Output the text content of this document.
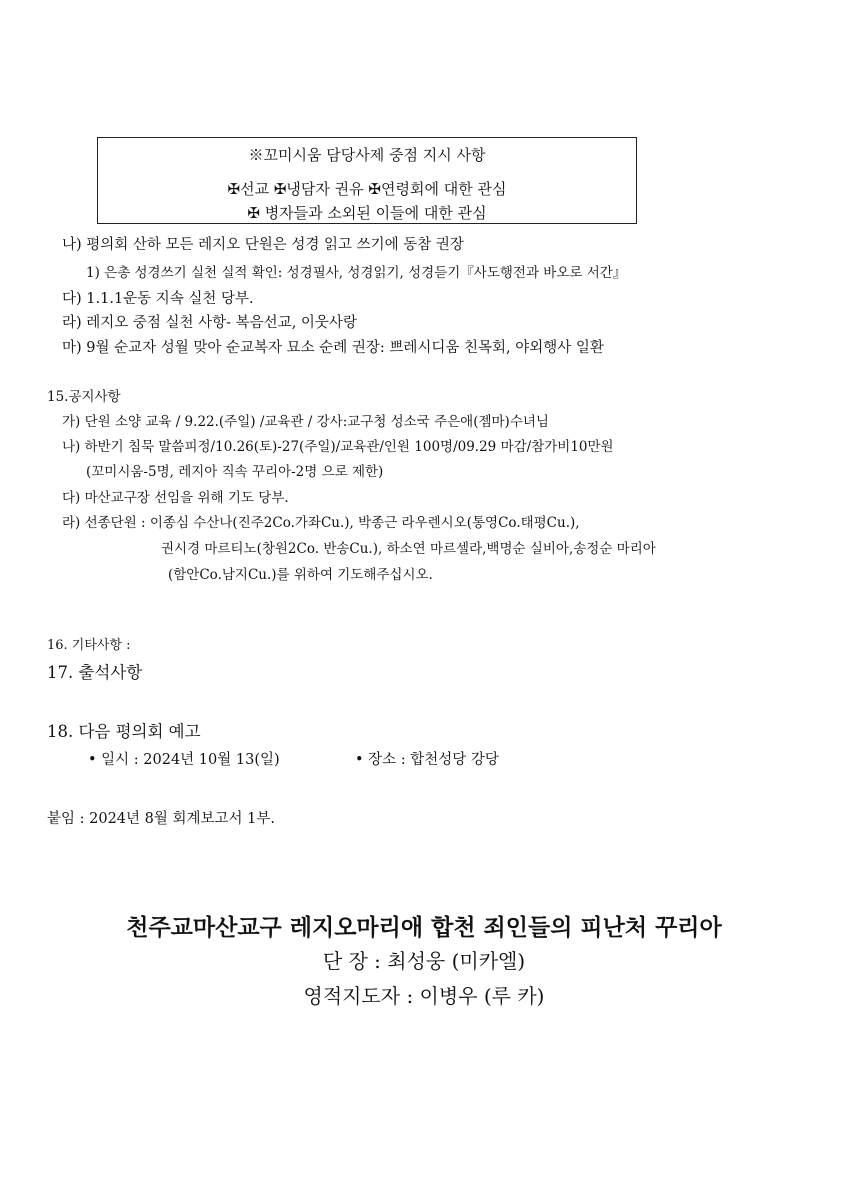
※꼬미시움 담당사제 중점 지시 사항
✠선교 ✠냉담자 권유 ✠연령회에 대한 관심
✠ 병자들과 소외된 이들에 대한 관심
나) 평의회 산하 모든 레지오 단원은 성경 읽고 쓰기에 동참 권장
1) 은총 성경쓰기 실천 실적 확인: 성경필사, 성경읽기, 성경듣기『사도행전과 바오로 서간』
다) 1.1.1운동 지속 실천 당부.
라) 레지오 중점 실천 사항- 복음선교, 이웃사랑
마) 9월 순교자 성월 맞아 순교복자 묘소 순례 권장: 쁘레시디움 친목회, 야외행사 일환
15.공지사항
가) 단원 소양 교육 / 9.22.(주일) /교육관 / 강사:교구청 성소국 주은애(젬마)수녀님
나) 하반기 침묵 말씀피정/10.26(토)-27(주일)/교육관/인원 100명/09.29 마감/참가비10만원
(꼬미시움-5명, 레지아 직속 꾸리아-2명 으로 제한)
다) 마산교구장 선임을 위해 기도 당부.
라) 선종단원 : 이종심 수산나(진주2Co.가좌Cu.), 박종근 라우렌시오(통영Co.태평Cu.),
권시경 마르티노(창원2Co. 반송Cu.), 하소연 마르셀라,백명순 실비아,송정순 마리아
(함안Co.남지Cu.)를 위하여 기도해주십시오.
16. 기타사항 :
17. 출석사항
18. 다음 평의회 예고
• 일시 : 2024년 10월 13(일)	• 장소 : 합천성당 강당
붙임 : 2024년 8월 회계보고서 1부.
천주교마산교구 레지오마리애 합천 죄인들의 피난처 꾸리아
단 장 : 최성웅 (미카엘)
영적지도자 : 이병우 (루 카)
